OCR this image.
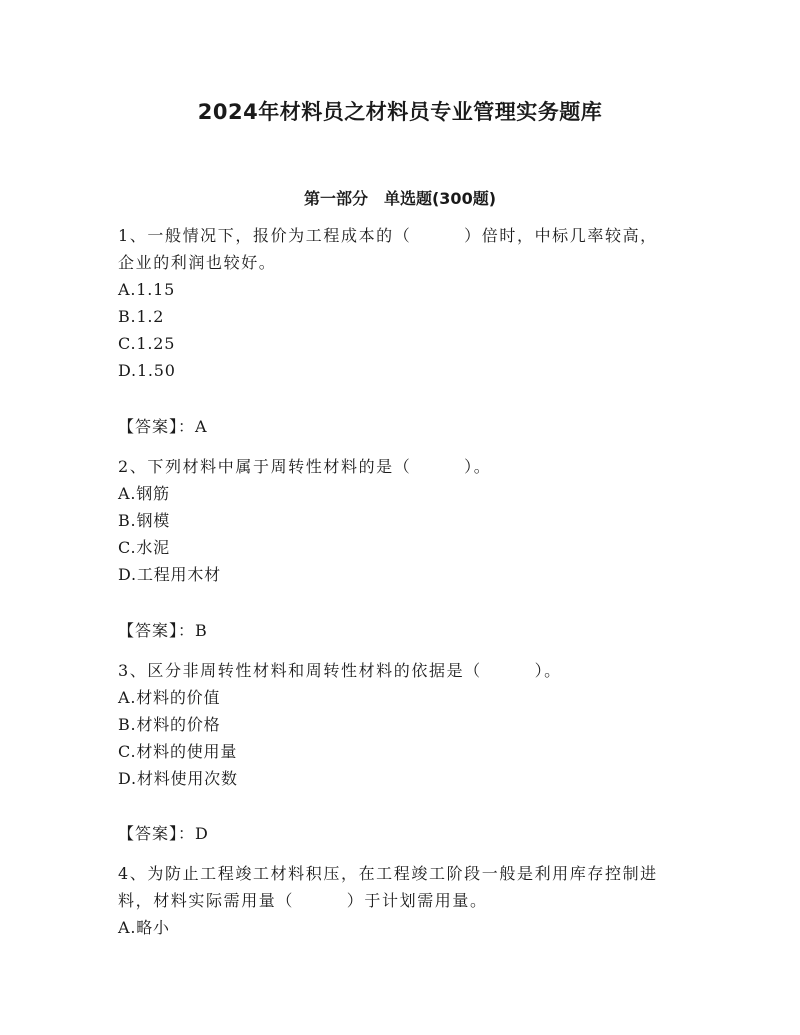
2024年材料员之材料员专业管理实务题库
第一部分　单选题(300题)
1、一般情况下，报价为工程成本的（　　　）倍时，中标几率较高，
企业的利润也较好。
A.1.15
B.1.2
C.1.25
D.1.50
【答案】：A
2、下列材料中属于周转性材料的是（　　　）。
A.钢筋
B.钢模
C.水泥
D.工程用木材
【答案】：B
3、区分非周转性材料和周转性材料的依据是（　　　）。
A.材料的价值
B.材料的价格
C.材料的使用量
D.材料使用次数
【答案】：D
4、为防止工程竣工材料积压，在工程竣工阶段一般是利用库存控制进
料，材料实际需用量（　　　）于计划需用量。
A.略小
